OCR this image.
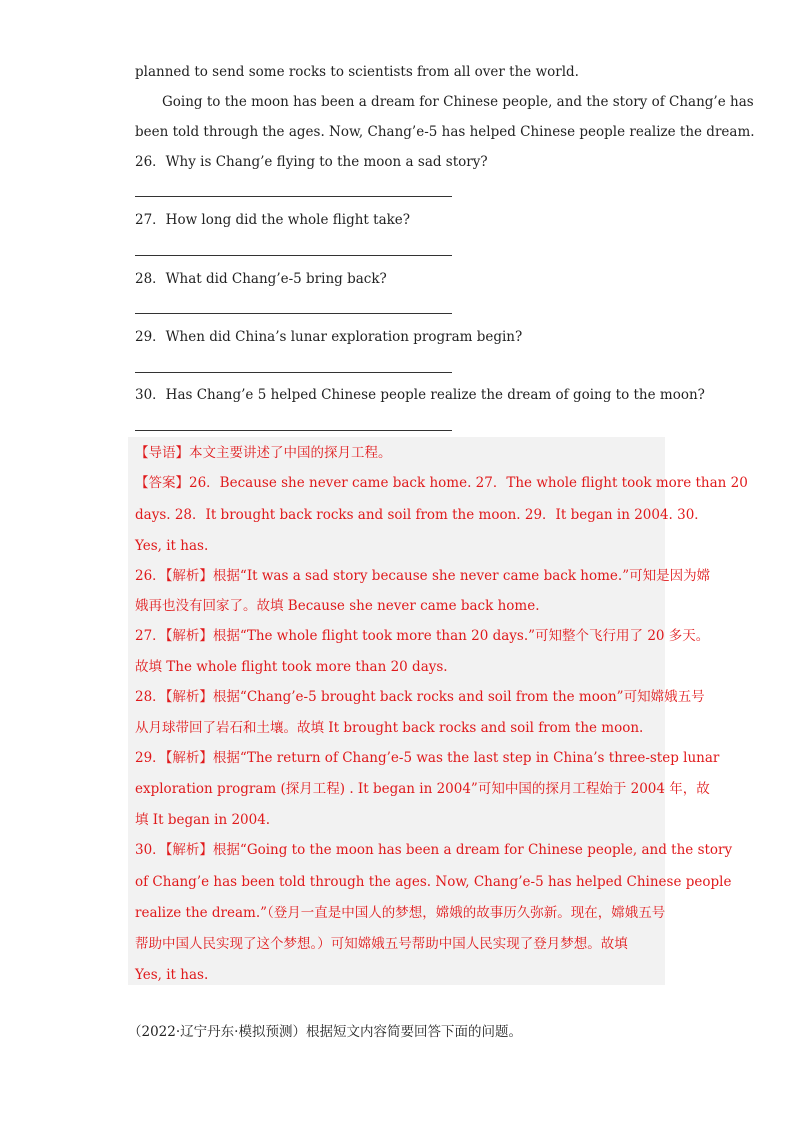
planned to send some rocks to scientists from all over the world.
Going to the moon has been a dream for Chinese people, and the story of Chang’e has
been told through the ages. Now, Chang’e-5 has helped Chinese people realize the dream.
26．Why is Chang’e flying to the moon a sad story?
27．How long did the whole flight take?
28．What did Chang’e-5 bring back?
29．When did China’s lunar exploration program begin?
30．Has Chang’e 5 helped Chinese people realize the dream of going to the moon?
【导语】本文主要讲述了中国的探月工程。
【答案】26．Because she never came back home. 27．The whole flight took more than 20
days. 28．It brought back rocks and soil from the moon. 29．It began in 2004. 30．
Yes, it has.
26．【解析】根据“It was a sad story because she never came back home.”可知是因为嫦
娥再也没有回家了。故填 Because she never came back home.
27．【解析】根据“The whole flight took more than 20 days.”可知整个飞行用了 20 多天。
故填 The whole flight took more than 20 days.
28．【解析】根据“Chang’e-5 brought back rocks and soil from the moon”可知嫦娥五号
从月球带回了岩石和土壤。故填 It brought back rocks and soil from the moon.
29．【解析】根据“The return of Chang’e-5 was the last step in China’s three-step lunar
exploration program (探月工程) . It began in 2004”可知中国的探月工程始于 2004 年，故
填 It began in 2004.
30．【解析】根据“Going to the moon has been a dream for Chinese people, and the story
of Chang’e has been told through the ages. Now, Chang’e-5 has helped Chinese people
realize the dream.”（登月一直是中国人的梦想，嫦娥的故事历久弥新。现在，嫦娥五号
帮助中国人民实现了这个梦想。）可知嫦娥五号帮助中国人民实现了登月梦想。故填
Yes, it has.
（2022·辽宁丹东·模拟预测）根据短文内容简要回答下面的问题。
